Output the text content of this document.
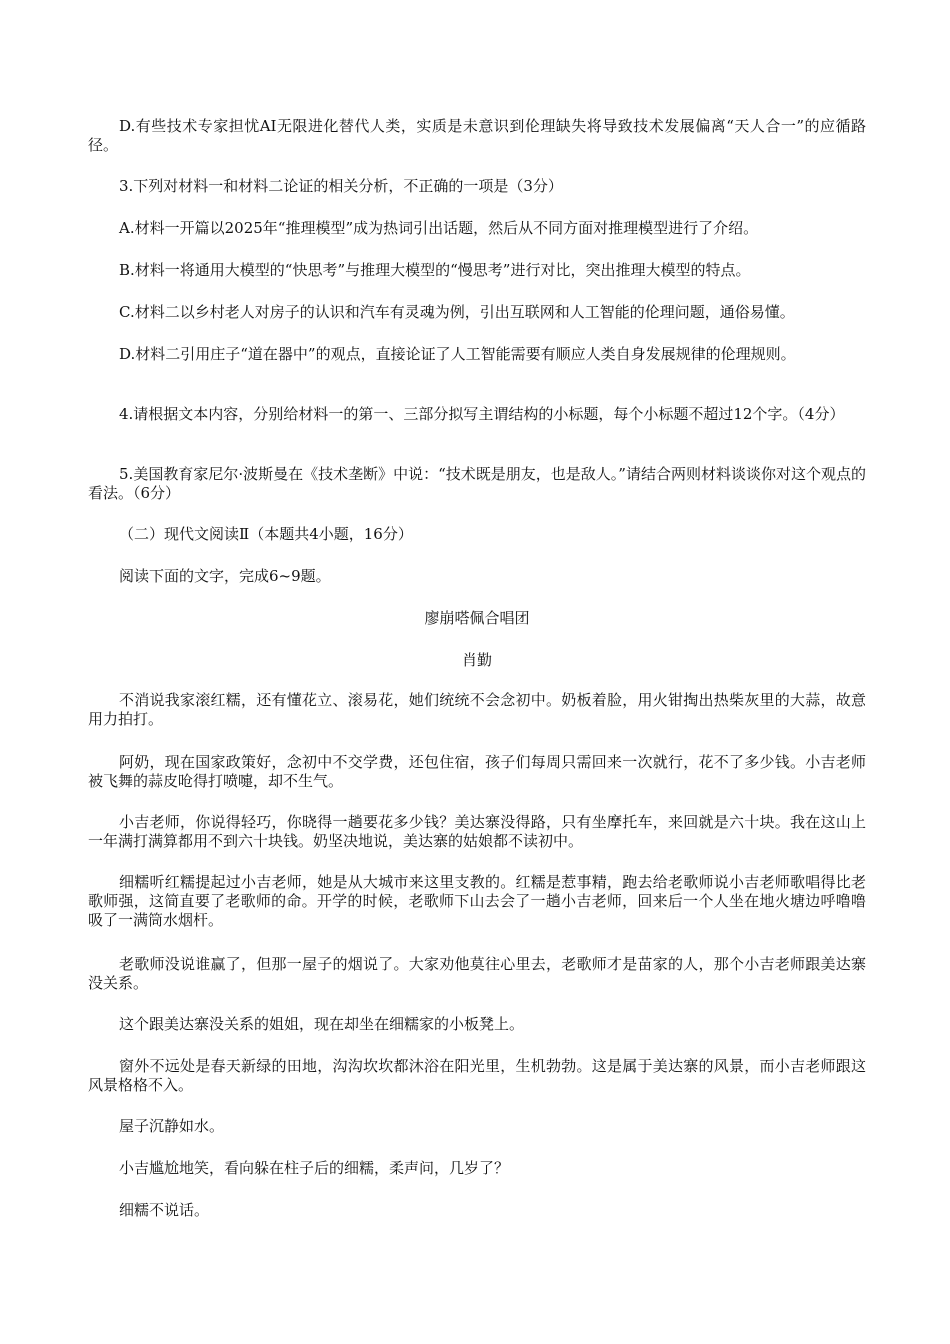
D.有些技术专家担忧AI无限进化替代人类，实质是未意识到伦理缺失将导致技术发展偏离“天人合一”的应循路径。

3.下列对材料一和材料二论证的相关分析，不正确的一项是（3分）

A.材料一开篇以2025年“推理模型”成为热词引出话题，然后从不同方面对推理模型进行了介绍。

B.材料一将通用大模型的“快思考”与推理大模型的“慢思考”进行对比，突出推理大模型的特点。

C.材料二以乡村老人对房子的认识和汽车有灵魂为例，引出互联网和人工智能的伦理问题，通俗易懂。

D.材料二引用庄子“道在器中”的观点，直接论证了人工智能需要有顺应人类自身发展规律的伦理规则。

4.请根据文本内容，分别给材料一的第一、三部分拟写主谓结构的小标题，每个小标题不超过12个字。（4分）

5.美国教育家尼尔·波斯曼在《技术垄断》中说：“技术既是朋友，也是敌人。”请结合两则材料谈谈你对这个观点的看法。（6分）

（二）现代文阅读Ⅱ（本题共4小题，16分）

阅读下面的文字，完成6~9题。

廖崩嗒佩合唱团

肖勤

不消说我家滚红糯，还有懂花立、滚易花，她们统统不会念初中。奶板着脸，用火钳掏出热柴灰里的大蒜，故意用力拍打。

阿奶，现在国家政策好，念初中不交学费，还包住宿，孩子们每周只需回来一次就行，花不了多少钱。小吉老师被飞舞的蒜皮呛得打喷嚏，却不生气。

小吉老师，你说得轻巧，你晓得一趟要花多少钱？美达寨没得路，只有坐摩托车，来回就是六十块。我在这山上一年满打满算都用不到六十块钱。奶坚决地说，美达寨的姑娘都不读初中。

细糯听红糯提起过小吉老师，她是从大城市来这里支教的。红糯是惹事精，跑去给老歌师说小吉老师歌唱得比老歌师强，这简直要了老歌师的命。开学的时候，老歌师下山去会了一趟小吉老师，回来后一个人坐在地火塘边呼噜噜吸了一满筒水烟杆。

老歌师没说谁赢了，但那一屋子的烟说了。大家劝他莫往心里去，老歌师才是苗家的人，那个小吉老师跟美达寨没关系。

这个跟美达寨没关系的姐姐，现在却坐在细糯家的小板凳上。

窗外不远处是春天新绿的田地，沟沟坎坎都沐浴在阳光里，生机勃勃。这是属于美达寨的风景，而小吉老师跟这风景格格不入。

屋子沉静如水。

小吉尴尬地笑，看向躲在柱子后的细糯，柔声问，几岁了？

细糯不说话。
